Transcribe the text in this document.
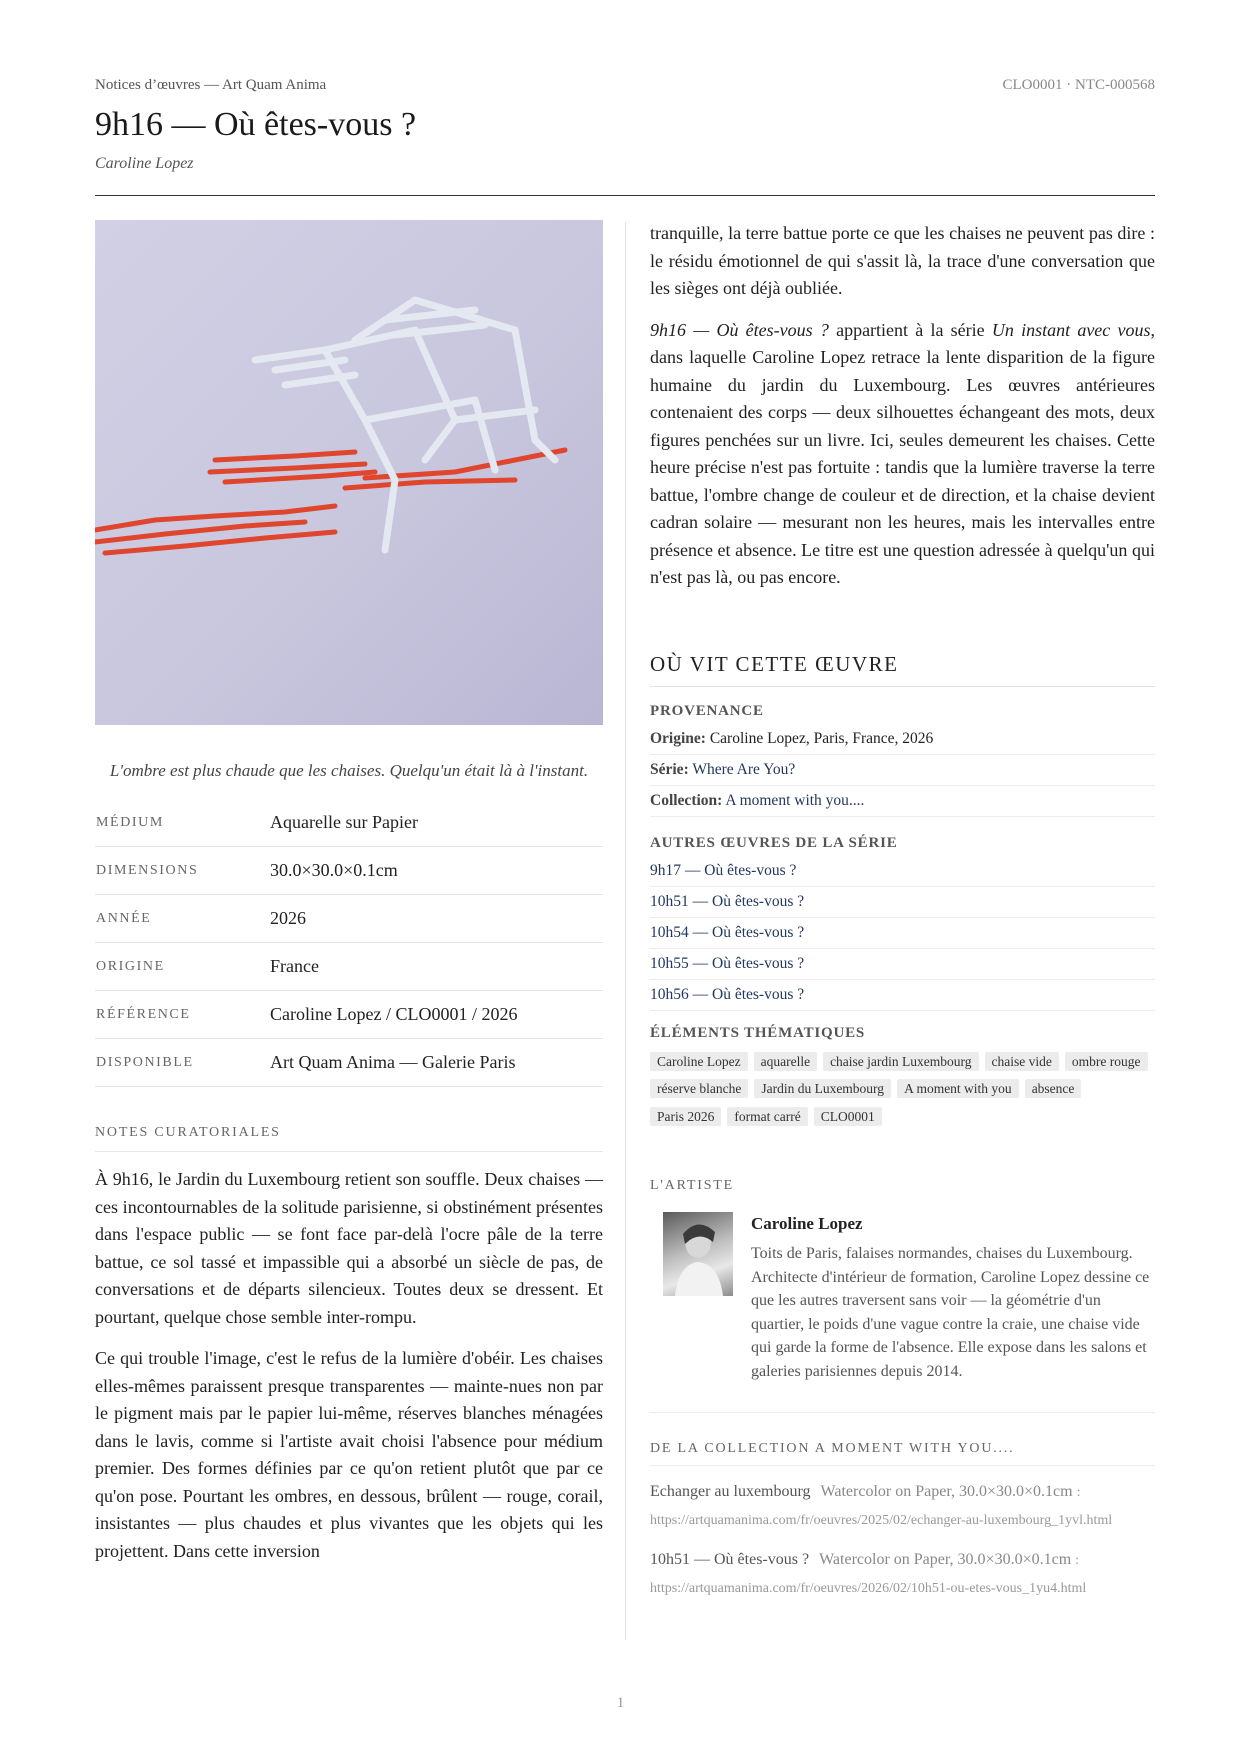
Notices d’œuvres — Art Quam Anima	CLO0001 · NTC-000568
9h16 — Où êtes-vous ?
Caroline Lopez
L'ombre est plus chaude que les chaises. Quelqu'un était là à l'instant.
MÉDIUM	Aquarelle sur Papier
DIMENSIONS	30.0×30.0×0.1cm
ANNÉE	2026
ORIGINE	France
RÉFÉRENCE	Caroline Lopez / CLO0001 / 2026
DISPONIBLE	Art Quam Anima — Galerie Paris
NOTES CURATORIALES

À 9h16, le Jardin du Luxembourg retient son souffle. Deux chaises — ces incontournables de la solitude parisienne, si obstinément présentes dans l'espace public — se font face par-delà l'ocre pâle de la terre battue, ce sol tassé et impassible qui a absorbé un siècle de pas, de conversations et de départs silencieux. Toutes deux se dressent. Et pourtant, quelque chose semble inter-rompu.

Ce qui trouble l'image, c'est le refus de la lumière d'obéir. Les chaises elles-mêmes paraissent presque transparentes — mainte-nues non par le pigment mais par le papier lui-même, réserves blanches ménagées dans le lavis, comme si l'artiste avait choisi l'absence pour médium premier. Des formes définies par ce qu'on retient plutôt que par ce qu'on pose. Pourtant les ombres, en dessous, brûlent — rouge, corail, insistantes — plus chaudes et plus vivantes que les objets qui les projettent. Dans cette inversion

tranquille, la terre battue porte ce que les chaises ne peuvent pas dire : le résidu émotionnel de qui s'assit là, la trace d'une conversation que les sièges ont déjà oubliée.

9h16 — Où êtes-vous ? appartient à la série Un instant avec vous, dans laquelle Caroline Lopez retrace la lente disparition de la figure humaine du jardin du Luxembourg. Les œuvres antérieures contenaient des corps — deux silhouettes échangeant des mots, deux figures penchées sur un livre. Ici, seules demeurent les chaises. Cette heure précise n'est pas fortuite : tandis que la lumière traverse la terre battue, l'ombre change de couleur et de direction, et la chaise devient cadran solaire — mesurant non les heures, mais les intervalles entre présence et absence. Le titre est une question adressée à quelqu'un qui n'est pas là, ou pas encore.

OÙ VIT CETTE ŒUVRE
PROVENANCE
Origine: Caroline Lopez, Paris, France, 2026
Série: Where Are You?
Collection: A moment with you....
AUTRES ŒUVRES DE LA SÉRIE
9h17 — Où êtes-vous ?
10h51 — Où êtes-vous ?
10h54 — Où êtes-vous ?
10h55 — Où êtes-vous ?
10h56 — Où êtes-vous ?
ÉLÉMENTS THÉMATIQUES
Caroline Lopez aquarelle chaise jardin Luxembourg chaise vide ombre rougeréserve blanche Jardin du Luxembourg A moment with you absenceParis 2026 format carré CLO0001
L'ARTISTE
Caroline Lopez
Toits de Paris, falaises normandes, chaises du Luxembourg. Architecte d'intérieur de formation, Caroline Lopez dessine ce que les autres traversent sans voir — la géométrie d'un quartier, le poids d'une vague contre la craie, une chaise vide qui garde la forme de l'absence. Elle expose dans les salons et galeries parisiennes depuis 2014.
DE LA COLLECTION A MOMENT WITH YOU....
Echanger au luxembourg Watercolor on Paper, 30.0×30.0×0.1cm : https://artquamanima.com/fr/oeuvres/2025/02/echanger-au-luxembourg_1yvl.html
10h51 — Où êtes-vous ? Watercolor on Paper, 30.0×30.0×0.1cm : https://artquamanima.com/fr/oeuvres/2026/02/10h51-ou-etes-vous_1yu4.html
1
